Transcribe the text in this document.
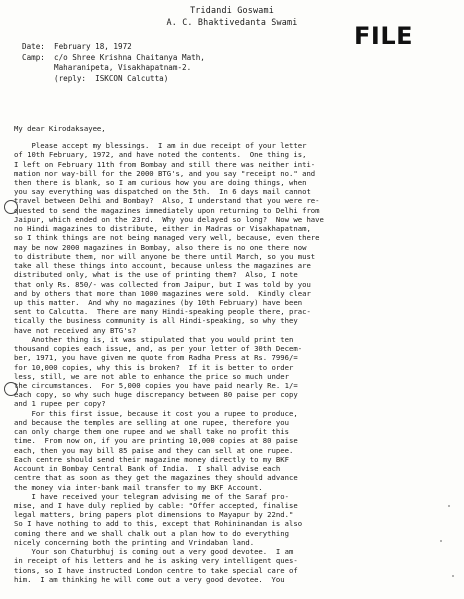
Tridandi Goswami
A. C. Bhaktivedanta Swami	FILE
Date:  February 18, 1972
Camp:  c/o Shree Krishna Chaitanya Math,
Maharanipeta, Visakhapatnam-2.
(reply:  ISKCON Calcutta)
My dear Kirodaksayee,
Please accept my blessings.  I am in due receipt of your letter
of 10th February, 1972, and have noted the contents.  One thing is,
I left on February 11th from Bombay and still there was neither inti-
mation nor way-bill for the 2000 BTG's, and you say "receipt no." and
then there is blank, so I am curious how you are doing things, when
you say everything was dispatched on the 5th.  In 6 days mail cannot
travel between Delhi and Bombay?  Also, I understand that you were re-
quested to send the magazines immediately upon returning to Delhi from
Jaipur, which ended on the 23rd.  Why you delayed so long?  Now we have
no Hindi magazines to distribute, either in Madras or Visakhapatnam,
so I think things are not being managed very well, because, even there
may be now 2000 magazines in Bombay, also there is no one there now
to distribute them, nor will anyone be there until March, so you must
take all these things into account, because unless the magazines are
distributed only, what is the use of printing them?  Also, I note
that only Rs. 850/- was collected from Jaipur, but I was told by you
and by others that more than 1000 magazines were sold.  Kindly clear
up this matter.  And why no magazines (by 10th February) have been
sent to Calcutta.  There are many Hindi-speaking people there, prac-
tically the business community is all Hindi-speaking, so why they
have not received any BTG's?
Another thing is, it was stipulated that you would print ten
thousand copies each issue, and, as per your letter of 30th Decem-
ber, 1971, you have given me quote from Radha Press at Rs. 7996/=
for 10,000 copies, why this is broken?  If it is better to order
less, still, we are not able to enhance the price so much under
the circumstances.  For 5,000 copies you have paid nearly Re. 1/=
each copy, so why such huge discrepancy between 80 paise per copy
and 1 rupee per copy?
For this first issue, because it cost you a rupee to produce,
and because the temples are selling at one rupee, therefore you
can only charge them one rupee and we shall take no profit this
time.  From now on, if you are printing 10,000 copies at 80 paise
each, then you may bill 85 paise and they can sell at one rupee.
Each centre should send their magazine money directly to my BKF
Account in Bombay Central Bank of India.  I shall advise each
centre that as soon as they get the magazines they should advance
the money via inter-bank mail transfer to my BKF Account.
I have received your telegram advising me of the Saraf pro-
mise, and I have duly replied by cable: "Offer accepted, finalise
legal matters, bring papers plot dimensions to Mayapur by 22nd."
So I have nothing to add to this, except that Rohininandan is also
coming there and we shall chalk out a plan how to do everything
nicely concerning both the printing and Vrindaban land.
Your son Chaturbhuj is coming out a very good devotee.  I am
in receipt of his letters and he is asking very intelligent ques-
tions, so I have instructed London centre to take special care of
him.  I am thinking he will come out a very good devotee.  You
